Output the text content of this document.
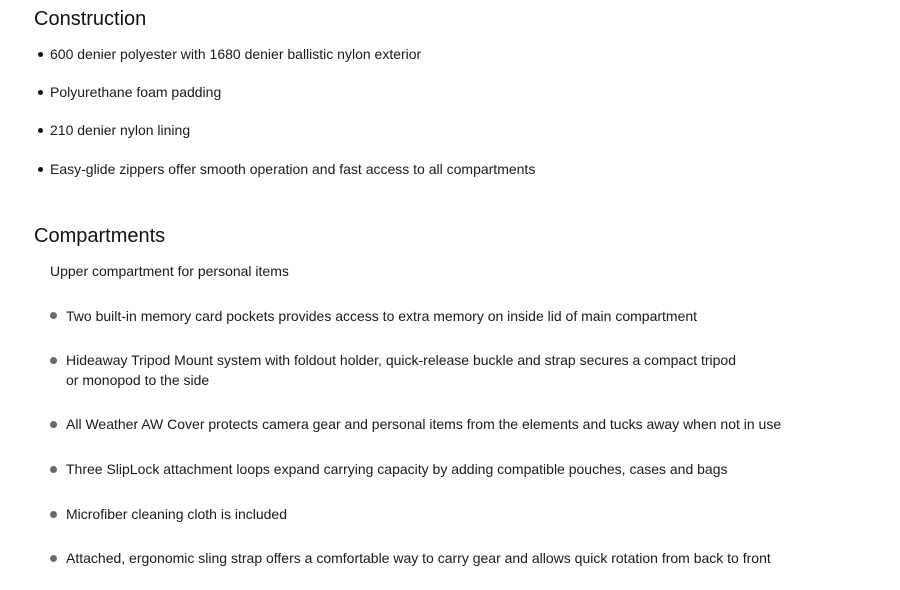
Construction
600 denier polyester with 1680 denier ballistic nylon exterior
Polyurethane foam padding
210 denier nylon lining
Easy-glide zippers offer smooth operation and fast access to all compartments
Compartments

Upper compartment for personal items

Two built-in memory card pockets provides access to extra memory on inside lid of main compartment
Hideaway Tripod Mount system with foldout holder, quick-release buckle and strap secures a compact tripod or monopod to the side
All Weather AW Cover protects camera gear and personal items from the elements and tucks away when not in use
Three SlipLock attachment loops expand carrying capacity by adding compatible pouches, cases and bags
Microfiber cleaning cloth is included
Attached, ergonomic sling strap offers a comfortable way to carry gear and allows quick rotation from back to front
